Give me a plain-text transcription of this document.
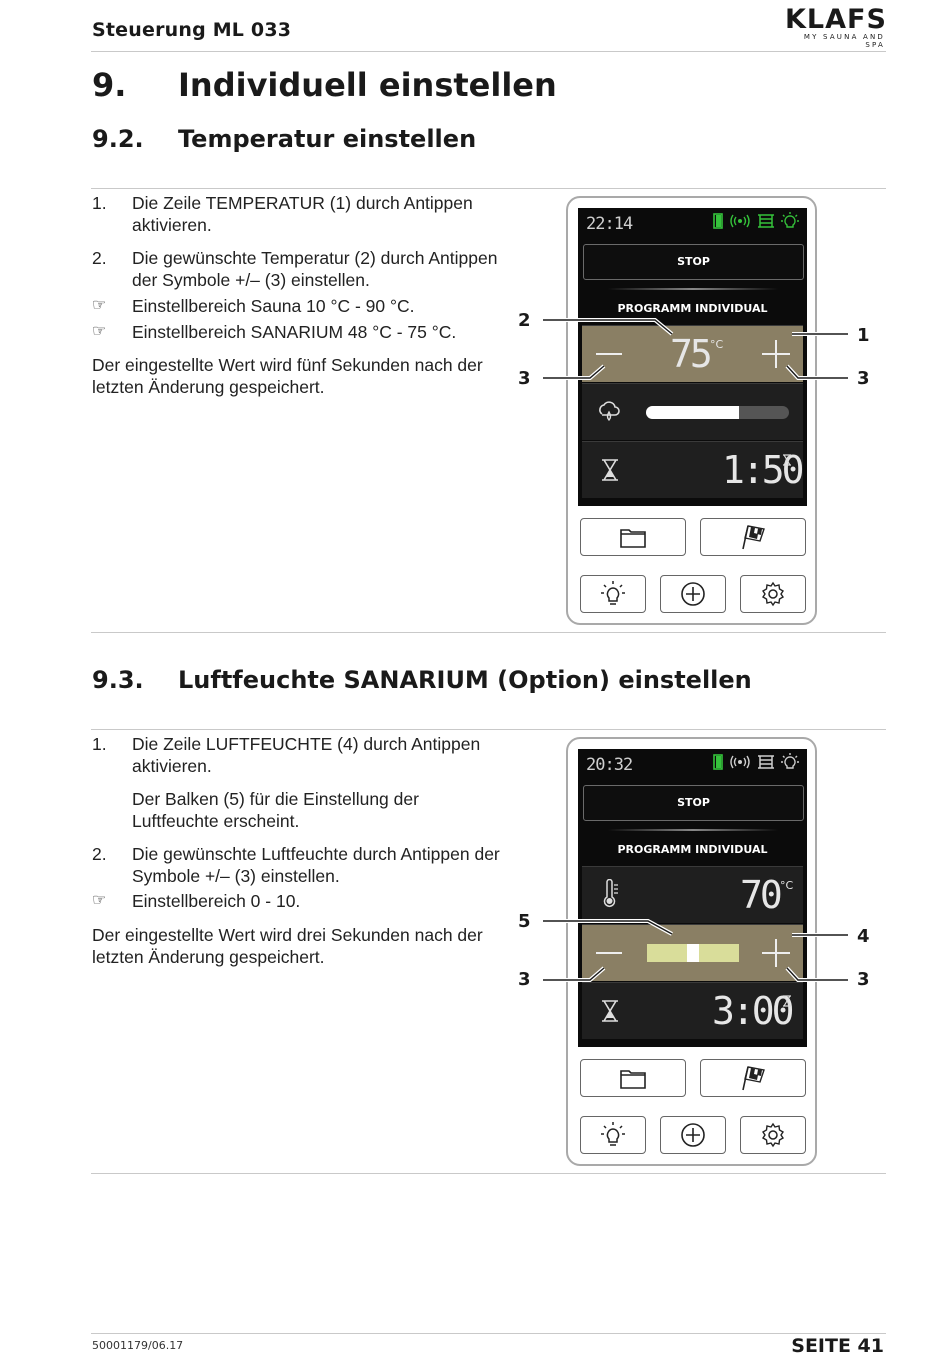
Steuerung ML 033	KLAFS
MY SAUNA AND SPA
9. Individuell einstellen
9.2. Temperatur einstellen
1. Die Zeile TEMPERATUR (1) durch Antippen aktivieren.
2. Die gewünschte Temperatur (2) durch Antippen der Symbole +/– (3) einstellen.
☞ Einstellbereich Sauna 10 °C - 90 °C.
☞ Einstellbereich SANARIUM 48 °C - 75 °C.
Der eingestellte Wert wird fünf Sekunden nach der letzten Änderung gespeichert.
22:14
STOP
PROGRAMM INDIVIDUAL
75 °C
1:50
2
3
1
3
9.3. Luftfeuchte SANARIUM (Option) einstellen
1. Die Zeile LUFTFEUCHTE (4) durch Antippen aktivieren.
Der Balken (5) für die Einstellung der Luftfeuchte erscheint.
2. Die gewünschte Luftfeuchte durch Antippen der Symbole +/– (3) einstellen.
☞ Einstellbereich 0 - 10.
Der eingestellte Wert wird drei Sekunden nach der letzten Änderung gespeichert.
20:32
STOP
PROGRAMM INDIVIDUAL
70 °C
3:00
5
3
4
3
50001179/06.17	SEITE 41
